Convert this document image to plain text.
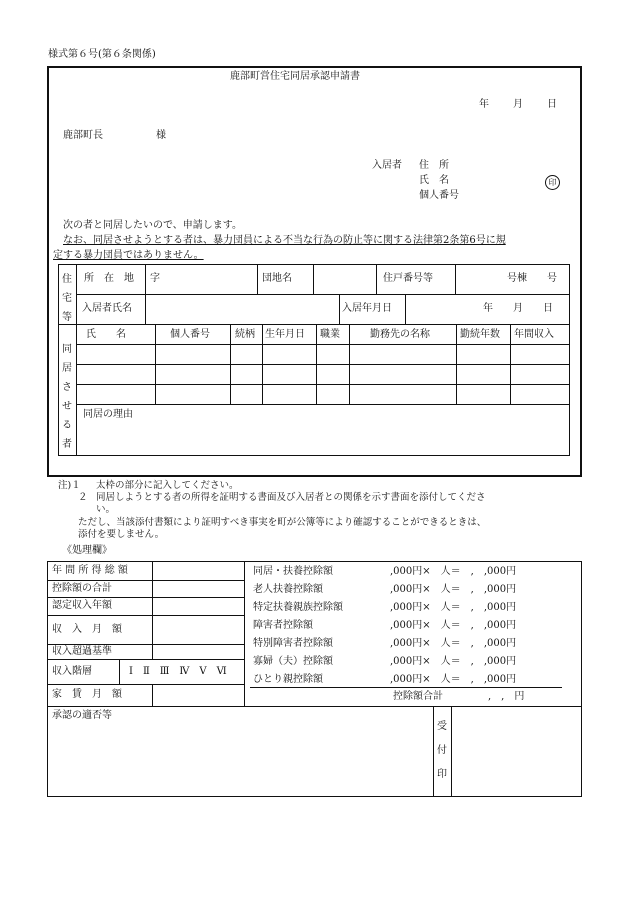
様式第６号(第６条関係)
鹿部町営住宅同居承認申請書
年 月 日
鹿部町長	様
入居者 住　所
氏　名	印
個人番号
次の者と同居したいので、申請します。
なお、同居させようとする者は、暴力団員による不当な行為の防止等に関する法律第2条第6号に規
定する暴力団員ではありません。
住宅等
所　在　地 字	団地名	住戸番号等	号棟　　号
入居者氏名	入居年月日	年　　月　　日
同居させる者
氏　　名	個人番号	続柄 生年月日 職業	勤務先の名称	勤続年数 年間収入
同居の理由
注)１ 太枠の部分に記入してください。
２ 同居しようとする者の所得を証明する書面及び入居者との関係を示す書面を添付してくださ
い。
ただし、当該添付書類により証明すべき事実を町が公簿等により確認することができるときは、
添付を要しません。
《処理欄》
年 間 所 得 総 額
控除額の合計
認定収入年額
収　入　月　額
収入超過基準
収入階層	Ⅰ　Ⅱ　Ⅲ　Ⅳ　Ⅴ　Ⅵ
家　賃　月　額
同居・扶養控除額	,000円×　人＝　,　,000円
老人扶養控除額	,000円×　人＝　,　,000円
特定扶養親族控除額	,000円×　人＝　,　,000円
障害者控除額	,000円×　人＝　,　,000円
特別障害者控除額	,000円×　人＝　,　,000円
寡婦（夫）控除額	,000円×　人＝　,　,000円
ひとり親控除額	,000円×　人＝　,　,000円
控除額合計	,　,　円
承認の適否等
受付印
